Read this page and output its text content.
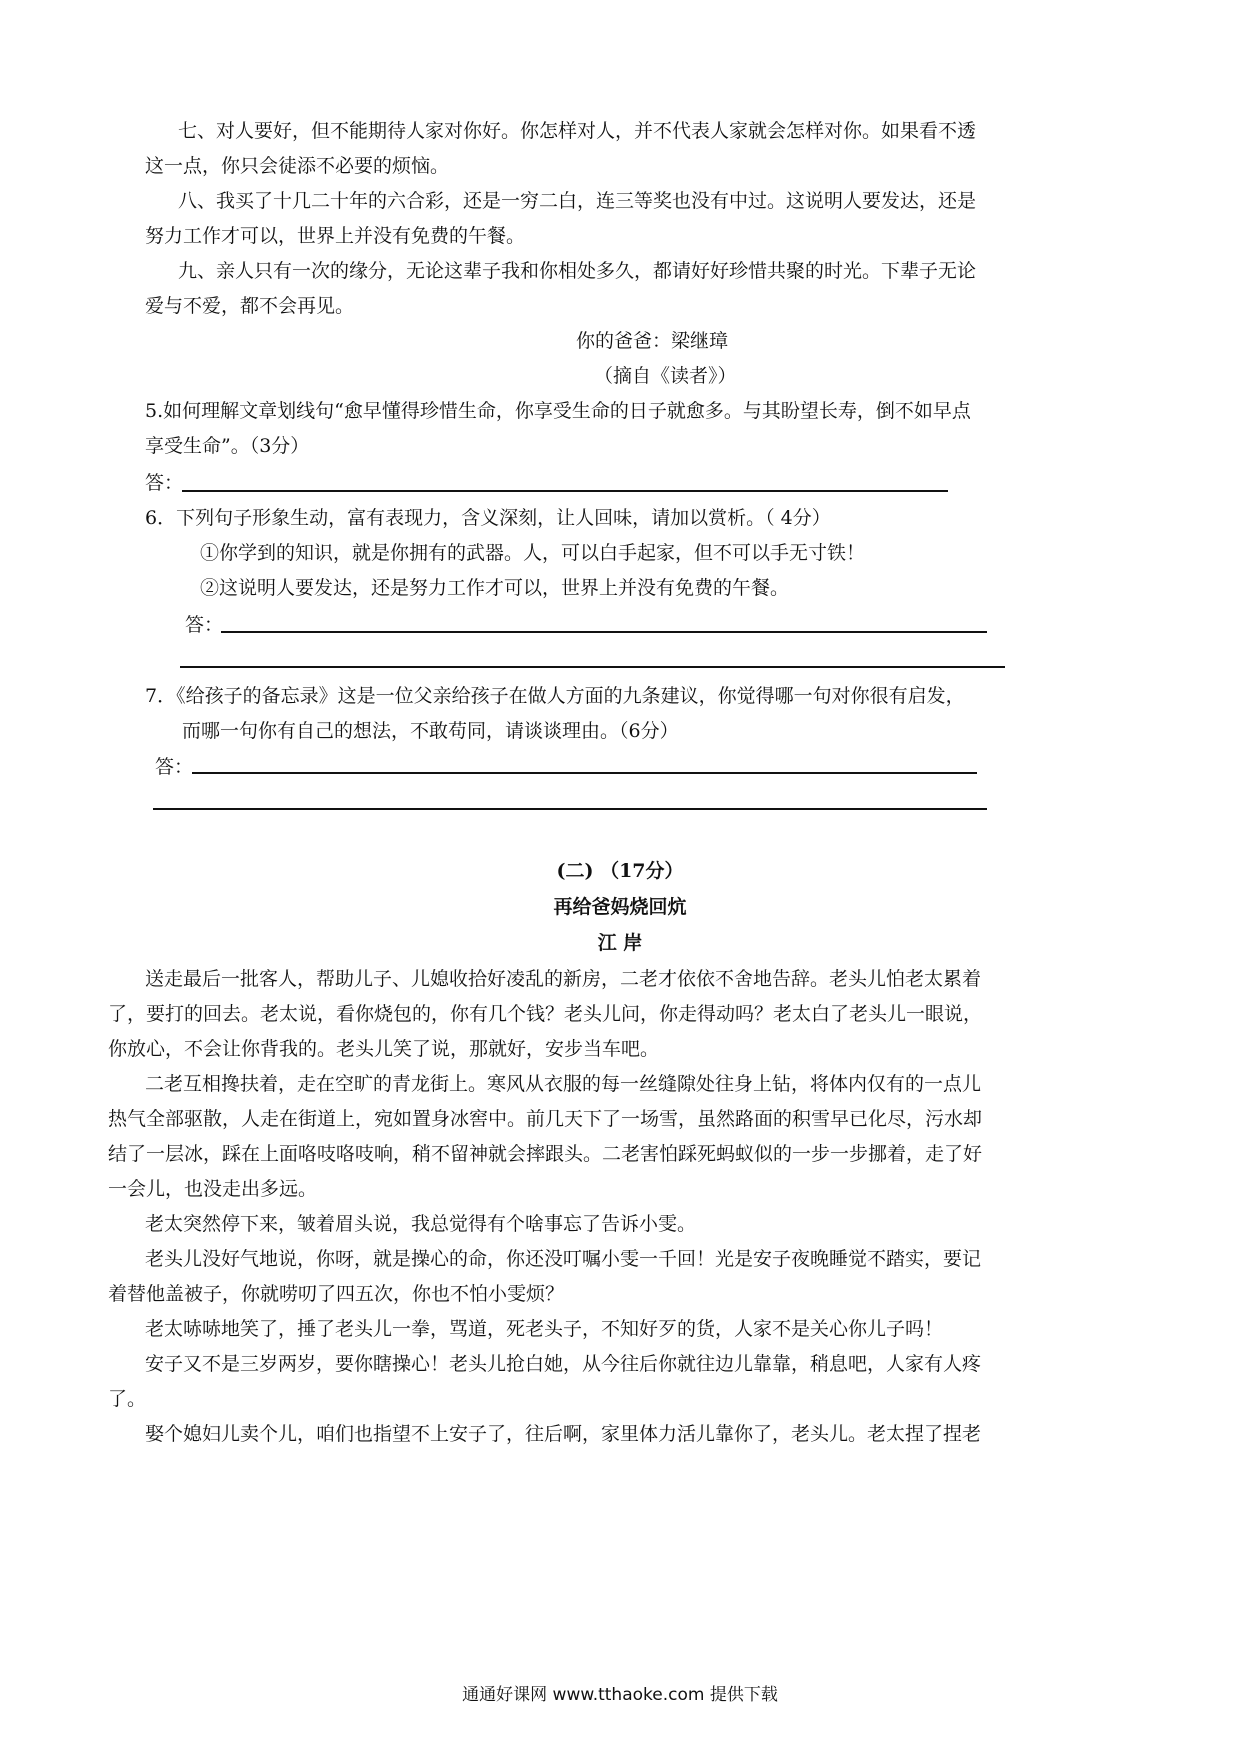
七、对人要好，但不能期待人家对你好。你怎样对人，并不代表人家就会怎样对你。如果看不透

这一点，你只会徒添不必要的烦恼。

八、我买了十几二十年的六合彩，还是一穷二白，连三等奖也没有中过。这说明人要发达，还是

努力工作才可以，世界上并没有免费的午餐。

九、亲人只有一次的缘分，无论这辈子我和你相处多久，都请好好珍惜共聚的时光。下辈子无论

爱与不爱，都不会再见。

你的爸爸：梁继璋

（摘自《读者》）

5.如何理解文章划线句“愈早懂得珍惜生命，你享受生命的日子就愈多。与其盼望长寿，倒不如早点

享受生命”。（3分）

答：

6．下列句子形象生动，富有表现力，含义深刻，让人回味，请加以赏析。（ 4分）

①你学到的知识，就是你拥有的武器。人，可以白手起家，但不可以手无寸铁！

②这说明人要发达，还是努力工作才可以，世界上并没有免费的午餐。

答：

7．《给孩子的备忘录》这是一位父亲给孩子在做人方面的九条建议，你觉得哪一句对你很有启发，

而哪一句你有自己的想法，不敢苟同，请谈谈理由。（6分）

答：

(二) （17分）

再给爸妈烧回炕

江 岸

送走最后一批客人，帮助儿子、儿媳收拾好凌乱的新房，二老才依依不舍地告辞。老头儿怕老太累着

了，要打的回去。老太说，看你烧包的，你有几个钱？老头儿问，你走得动吗？老太白了老头儿一眼说，

你放心，不会让你背我的。老头儿笑了说，那就好，安步当车吧。

二老互相搀扶着，走在空旷的青龙街上。寒风从衣服的每一丝缝隙处往身上钻，将体内仅有的一点儿

热气全部驱散，人走在街道上，宛如置身冰窖中。前几天下了一场雪，虽然路面的积雪早已化尽，污水却

结了一层冰，踩在上面咯吱咯吱响，稍不留神就会摔跟头。二老害怕踩死蚂蚁似的一步一步挪着，走了好

一会儿，也没走出多远。

老太突然停下来，皱着眉头说，我总觉得有个啥事忘了告诉小雯。

老头儿没好气地说，你呀，就是操心的命，你还没叮嘱小雯一千回！光是安子夜晚睡觉不踏实，要记

着替他盖被子，你就唠叨了四五次，你也不怕小雯烦？

老太哧哧地笑了，捶了老头儿一拳，骂道，死老头子，不知好歹的货，人家不是关心你儿子吗！

安子又不是三岁两岁，要你瞎操心！老头儿抢白她，从今往后你就往边儿靠靠，稍息吧，人家有人疼

了。

娶个媳妇儿卖个儿，咱们也指望不上安子了，往后啊，家里体力活儿靠你了，老头儿。老太捏了捏老

通通好课网 www.tthaoke.com 提供下载
